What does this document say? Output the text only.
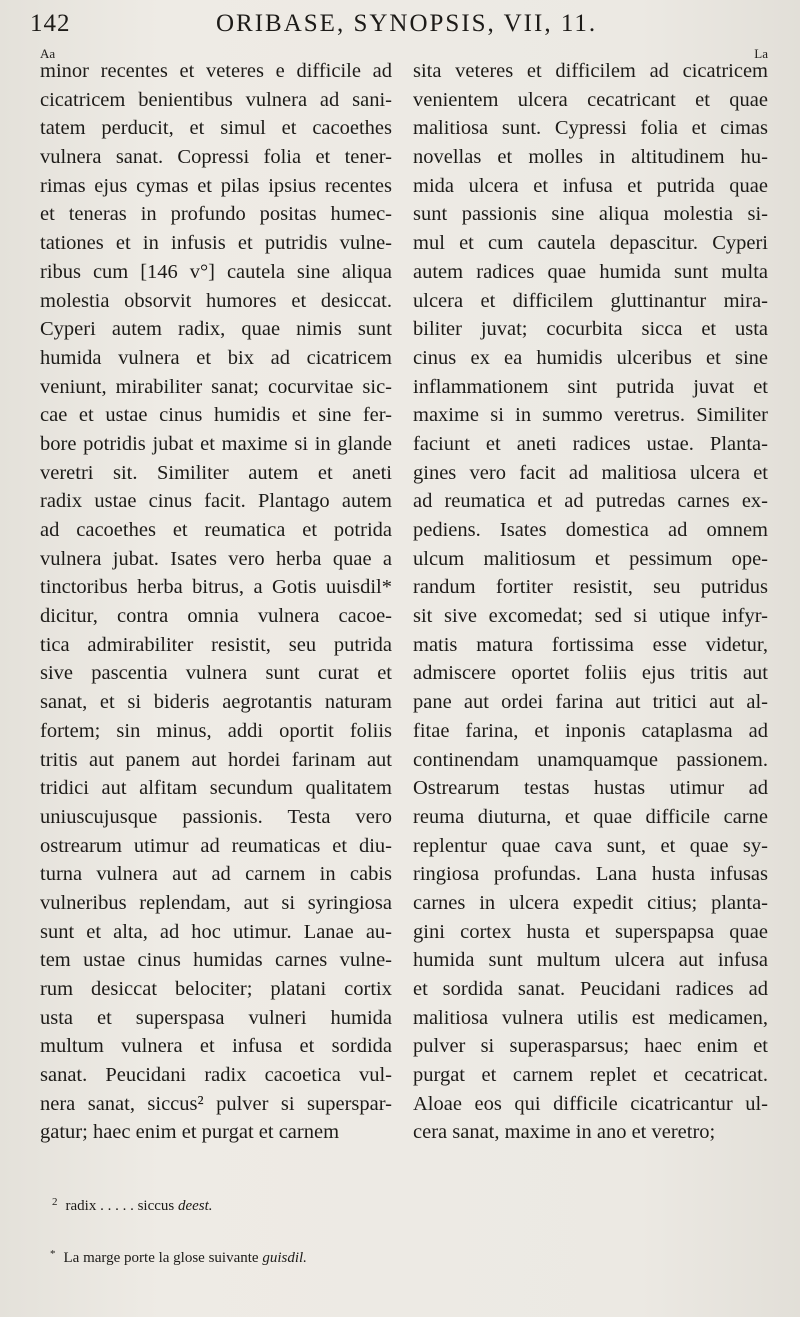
142	ORIBASE, SYNOPSIS, VII, 11.
Aa	La
minor recentes et veteres e difficile ad
cicatricem benientibus vulnera ad sani-
tatem perducit, et simul et cacoethes
vulnera sanat. Copressi folia et tener-
rimas ejus cymas et pilas ipsius recentes
et teneras in profundo positas humec-
tationes et in infusis et putridis vulne-
ribus cum [146 v°] cautela sine aliqua
molestia obsorvit humores et desiccat.
Cyperi autem radix, quae nimis sunt
humida vulnera et bix ad cicatricem
veniunt, mirabiliter sanat; cocurvitae sic-
cae et ustae cinus humidis et sine fer-
bore potridis jubat et maxime si in glande
veretri sit. Similiter autem et aneti
radix ustae cinus facit. Plantago autem
ad cacoethes et reumatica et potrida
vulnera jubat. Isates vero herba quae a
tinctoribus herba bitrus, a Gotis uuisdil*
dicitur, contra omnia vulnera cacoe-
tica admirabiliter resistit, seu putrida
sive pascentia vulnera sunt curat et
sanat, et si bideris aegrotantis naturam
fortem; sin minus, addi oportit foliis
tritis aut panem aut hordei farinam aut
tridici aut alfitam secundum qualitatem
uniuscujusque passionis. Testa vero
ostrearum utimur ad reumaticas et diu-
turna vulnera aut ad carnem in cabis
vulneribus replendam, aut si syringiosa
sunt et alta, ad hoc utimur. Lanae au-
tem ustae cinus humidas carnes vulne-
rum desiccat belociter; platani cortix
usta et superspasa vulneri humida
multum vulnera et infusa et sordida
sanat. Peucidani radix cacoetica vul-
nera sanat, siccus² pulver si superspar-
gatur; haec enim et purgat et carnem
sita veteres et difficilem ad cicatricem
venientem ulcera cecatricant et quae
malitiosa sunt. Cypressi folia et cimas
novellas et molles in altitudinem hu-
mida ulcera et infusa et putrida quae
sunt passionis sine aliqua molestia si-
mul et cum cautela depascitur. Cyperi
autem radices quae humida sunt multa
ulcera et difficilem gluttinantur mira-
biliter juvat; cocurbita sicca et usta
cinus ex ea humidis ulceribus et sine
inflammationem sint putrida juvat et
maxime si in summo veretrus. Similiter
faciunt et aneti radices ustae. Planta-
gines vero facit ad malitiosa ulcera et
ad reumatica et ad putredas carnes ex-
pediens. Isates domestica ad omnem
ulcum malitiosum et pessimum ope-
randum fortiter resistit, seu putridus
sit sive excomedat; sed si utique infyr-
matis matura fortissima esse videtur,
admiscere oportet foliis ejus tritis aut
pane aut ordei farina aut tritici aut al-
fitae farina, et inponis cataplasma ad
continendam unamquamque passionem.
Ostrearum testas hustas utimur ad
reuma diuturna, et quae difficile carne
replentur quae cava sunt, et quae sy-
ringiosa profundas. Lana husta infusas
carnes in ulcera expedit citius; planta-
gini cortex husta et superspарsa quae
humida sunt multum ulcera aut infusa
et sordida sanat. Peucidani radices ad
malitiosa vulnera utilis est medicamen,
pulver si superasparsus; haec enim et
purgat et carnem replet et cecatricat.
Aloae eos qui difficile cicatricantur ul-
cera sanat, maxime in ano et veretro;
$^2$ radix . . . . . siccus deest.
* La marge porte la glose suivante guisdil.
